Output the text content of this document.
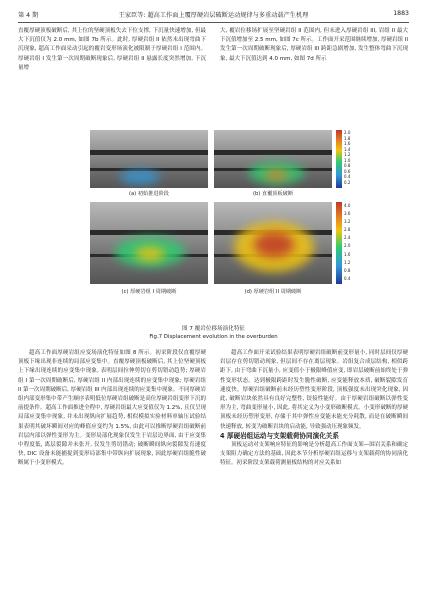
第 4 期	王家臣等: 超高工作面上覆厚硬岩层破断运动规律与多重动载产生机理	1883

直覆厚硬顶板破断后, 其上位的坚硬顶板失去下位支撑, 下沉量快速增加, 但最大下沉值仅为 2.0 mm, 如图 7b 所示。此时, 厚硬岩组 II 依然未出现弯曲下沉现象, 超高工作面采动引起的覆岩变形场演化被限制于厚硬岩组 I 范围内。厚硬岩组 I 发生第一次周期破断现象后, 厚硬岩组 II 悬露长度突然增加, 下沉量增

大, 覆岩位移场扩展至坚硬岩组 II 范围内, 但未进入厚硬岩组 III, 岩组 II 最大下沉值增加至 2.5 mm, 如图 7c 所示。工作面开采范围继续增加, 厚硬岩组 II 发生第一次周期破断现象后, 厚硬岩组 III 跨距急剧增加, 发生整体弯曲下沉现象, 最大下沉值达到 4.0 mm, 如图 7d 所示

(a) 初始推进阶段	(b) 直覆顶板破断
2.0
1.8
1.6
1.4
1.2
1.0
0.8
0.6
0.4
0.2
(c) 厚硬岩组 I 周期破断	(d) 厚硬岩组 II 周期破断
4.0
3.6
3.2
2.8
2.4
2.0
1.6
1.2
0.8
0.4
图 7 覆岩位移场演化特征
Fig.7 Displacement evolution in the overburden

超高工作面厚硬岩组应变场演化特征如图 8 所示。初采阶段仅直覆厚硬顶板下缘出现非连续的局部应变集中。直覆厚硬顶板破断后, 其上位坚硬顶板上下缘出现连续的应变集中现象, 表明层间拉伸剪切在剪切错动趋势; 厚硬岩组 I 第一次周期破断后, 厚硬岩组 II 内部出现连续的应变集中现象; 厚硬岩组 II 第一次周期破断后, 厚硬岩组 III 内部出现连续的应变集中现象。不同厚硬岩组内部变形集中带产生顺序表明低位厚硬岩组破断是高位厚硬岩组变形下沉的前提条件。超高工作面推进全程中, 厚硬岩组最大应变值仅为 1.2%, 且仅呈现局部应变集中现象, 并未出现纵向扩展趋势, 相似模拟实验材料单轴压试验结果表明其破坏瞬间对应的峰值应变约为 1.5%, 由此可以推断厚硬岩组破断前岩层内部以弹性变形为主。变形局部化现象仅发生于岩层边界面, 由于应变集中程度低, 离层裂隙并未张开, 仅发生剪切错动; 破断瞬间纵向裂隙发育速度快, DIC 设备未能捕捉到变形局部集中带纵向扩展现象, 因此厚硬岩组脆性破断属于小变形模式。

超高工作面开采试验结果表明厚硬岩组破断前变形量小, 同时层间仅厚硬岩层存在剪切错动现象, 但层间不存在离层现象。岩组复合成层结构, 相似跨距下, 由于弯曲下沉量小, 应变值小于极限峰值应变, 即岩层破断前始终处于弹性变形状态。达到极限跨距时发生脆性破断, 应变能释放本质, 破断裂隙发育速度快。厚硬岩组破断前未经历塑性变形阶段, 顶板强度未出现突化现象, 因此, 破断岩块依然具有良好完整性, 铰接性能好。由于厚硬岩组破断以弹性变形为主, 弯曲变形量小, 因此, 将其定义为小变形破断模式。小变形破断的厚硬顶板未经历塑形变形, 存储于其中弹性应变能未能充分耗散, 而是在破断瞬间快速释放, 转变为破断岩块的启动能, 导致强动压现象频发。

4 厚硬岩组运动与支架载荷协同演化关系

顶板运动对支架响应特征的影响是分析超高工作面支架—围岩关系和确定支架阻力确定方法的基础, 因此本节分析厚硬岩组运移与支架载荷的协同演化特征。初采阶段支架载荷测量板结构的对应关系如
